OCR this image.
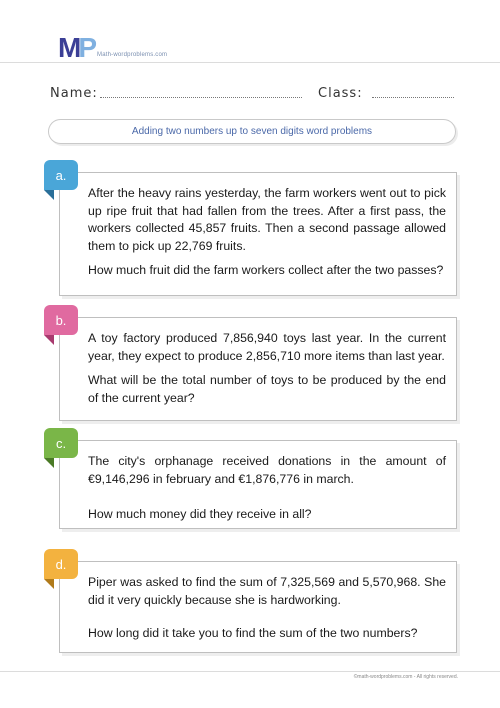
MP Math-wordproblems.com
Name:	Class:
Adding two numbers up to seven digits word problems
a.

After the heavy rains yesterday, the farm workers went out to pick up ripe fruit that had fallen from the trees. After a first pass, the workers collected 45,857 fruits. Then a second passage allowed them to pick up 22,769 fruits.

How much fruit did the farm workers collect after the two passes?

b.

A toy factory produced 7,856,940 toys last year. In the current year, they expect to produce 2,856,710 more items than last year.

What will be the total number of toys to be produced by the end of the current year?

c.

The city's orphanage received donations in the amount of €9,146,296 in february and €1,876,776 in march.

How much money did they receive in all?

d.

Piper was asked to find the sum of 7,325,569 and 5,570,968. She did it very quickly because she is hardworking.

How long did it take you to find the sum of the two numbers?

©math-wordproblems.com - All rights reserved.
